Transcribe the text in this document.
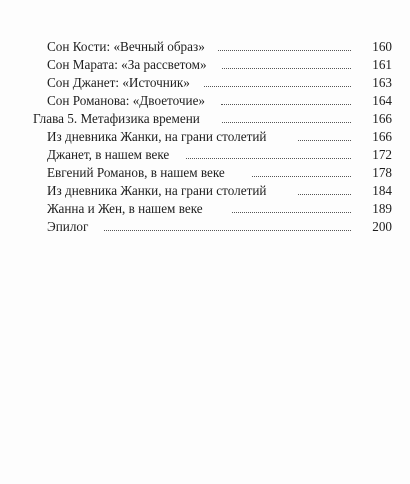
Сон Кости: «Вечный образ»	160
Сон Марата: «За рассветом»	161
Сон Джанет: «Источник»	163
Сон Романова: «Двоеточие»	164
Глава 5. Метафизика времени	166
Из дневника Жанки, на грани столетий	166
Джанет, в нашем веке	172
Евгений Романов, в нашем веке	178
Из дневника Жанки, на грани столетий	184
Жанна и Жен, в нашем веке	189
Эпилог	200
